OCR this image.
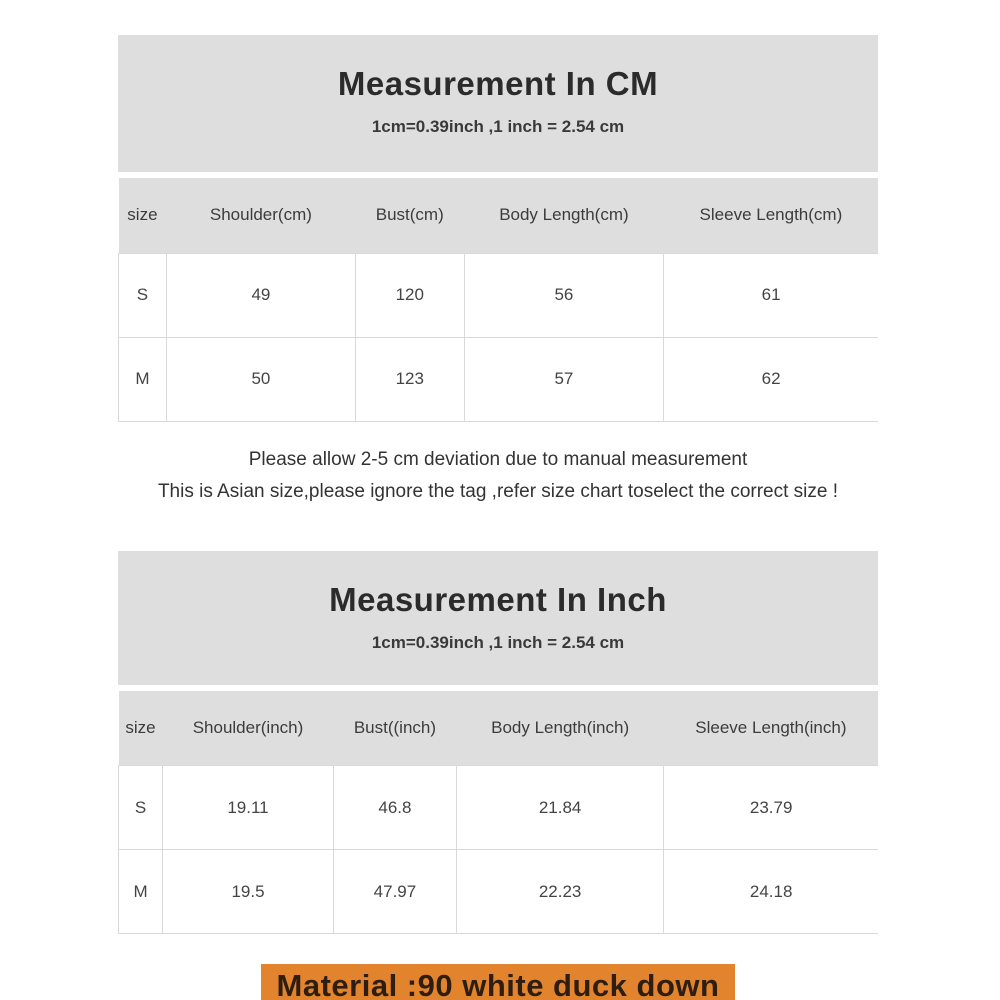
Measurement In CM
1cm=0.39inch ,1 inch = 2.54 cm
size	Shoulder(cm)	Bust(cm)	Body Length(cm)	Sleeve Length(cm)
S	49	120	56	61
M	50	123	57	62
Please allow 2-5 cm deviation due to manual measurement
This is Asian size,please ignore the tag ,refer size chart toselect the correct size !
Measurement In Inch
1cm=0.39inch ,1 inch = 2.54 cm
size	Shoulder(inch)	Bust((inch)	Body Length(inch)	Sleeve Length(inch)
S	19.11	46.8	21.84	23.79
M	19.5	47.97	22.23	24.18
Material :90 white duck down
